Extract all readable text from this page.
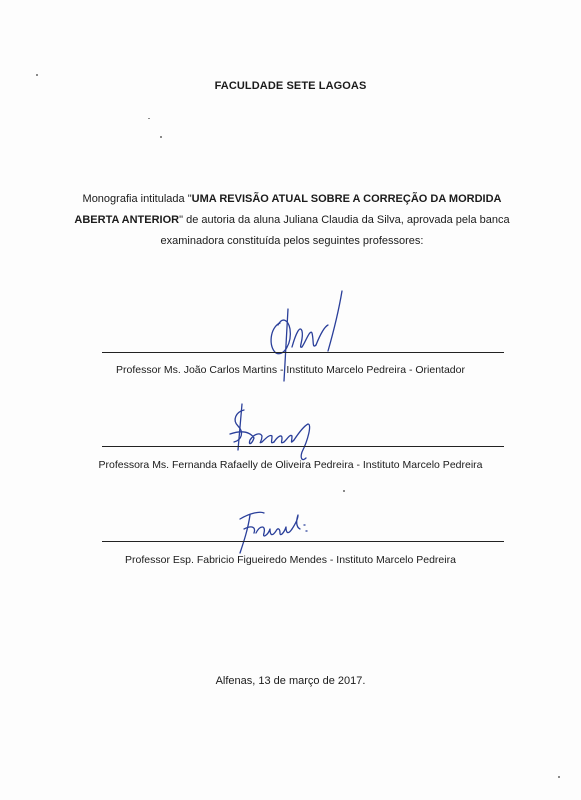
FACULDADE SETE LAGOAS
Monografia intitulada "UMA REVISÃO ATUAL SOBRE A CORREÇÃO DA MORDIDA ABERTA ANTERIOR" de autoria da aluna Juliana Claudia da Silva, aprovada pela banca examinadora constituída pelos seguintes professores:
Professor Ms. João Carlos Martins - Instituto Marcelo Pedreira - Orientador
Professora Ms. Fernanda Rafaelly de Oliveira Pedreira - Instituto Marcelo Pedreira
Professor Esp. Fabricio Figueiredo Mendes - Instituto Marcelo Pedreira
Alfenas, 13 de março de 2017.
